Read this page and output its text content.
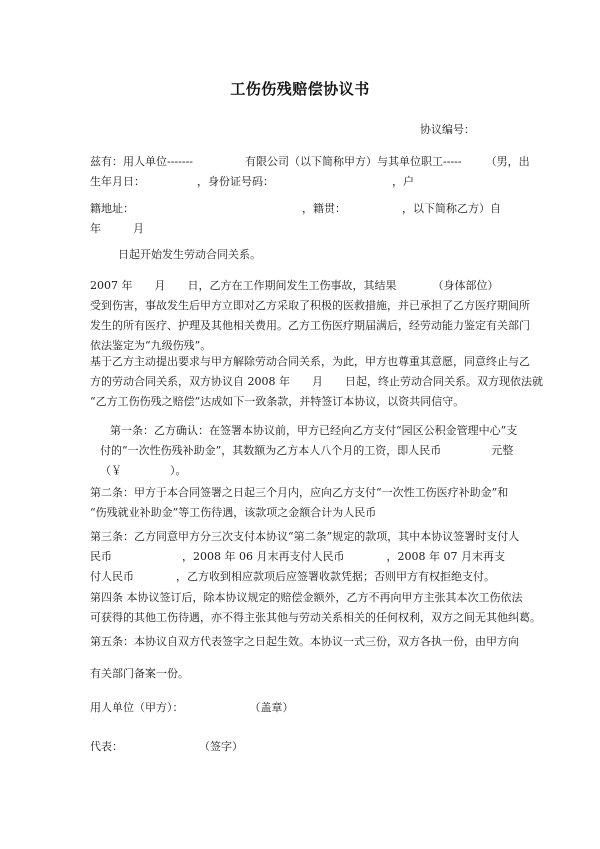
工伤伤残赔偿协议书
协议编号：
兹有：用人单位-------	有限公司（以下简称甲方）与其单位职工----- （男，出
生年月日：	，身份证号码：	，户
籍地址：	，籍贯：	，以下简称乙方）自
年	月
日起开始发生劳动合同关系。
2007 年 月 日，乙方在工作期间发生工伤事故，其结果	（身体部位）
受到伤害，事故发生后甲方立即对乙方采取了积极的医救措施，并已承担了乙方医疗期间所
发生的所有医疗、护理及其他相关费用。乙方工伤医疗期届满后，经劳动能力鉴定有关部门
依法鉴定为“九级伤残”。
基于乙方主动提出要求与甲方解除劳动合同关系，为此，甲方也尊重其意愿，同意终止与乙
方的劳动合同关系，双方协议自 2008 年 月 日起，终止劳动合同关系。双方现依法就
“乙方工伤伤残之赔偿”达成如下一致条款，并特签订本协议，以资共同信守。
第一条：乙方确认：在签署本协议前，甲方已经向乙方支付“园区公积金管理中心”支
付的“一次性伤残补助金”，其数额为乙方本人八个月的工资，即人民币	元整
（￥	）。
第二条：甲方于本合同签署之日起三个月内，应向乙方支付“一次性工伤医疗补助金”和
“伤残就业补助金”等工伤待遇，该款项之金额合计为人民币
第三条：乙方同意甲方分三次支付本协议“第二条”规定的款项，其中本协议签署时支付人
民币	，2008 年 06 月末再支付人民币	，2008 年 07 月末再支
付人民币	，乙方收到相应款项后应签署收款凭据；否则甲方有权拒绝支付。
第四条 本协议签订后，除本协议规定的赔偿金额外，乙方不再向甲方主张其本次工伤依法
可获得的其他工伤待遇，亦不得主张其他与劳动关系相关的任何权利，双方之间无其他纠葛。
第五条：本协议自双方代表签字之日起生效。本协议一式三份，双方各执一份，由甲方向
有关部门备案一份。
用人单位（甲方）：	（盖章）
代表：	（签字）
